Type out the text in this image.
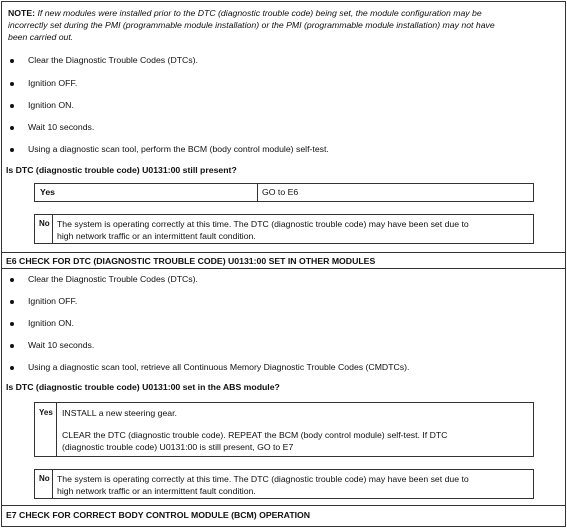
NOTE: If new modules were installed prior to the DTC (diagnostic trouble code) being set, the module configuration may be
incorrectly set during the PMI (programmable module installation) or the PMI (programmable module installation) may not have
been carried out.
Clear the Diagnostic Trouble Codes (DTCs).
Ignition OFF.
Ignition ON.
Wait 10 seconds.
Using a diagnostic scan tool, perform the BCM (body control module) self-test.
Is DTC (diagnostic trouble code) U0131:00 still present?
Yes	GO to E6
No The system is operating correctly at this time. The DTC (diagnostic trouble code) may have been set due to
high network traffic or an intermittent fault condition.
E6 CHECK FOR DTC (DIAGNOSTIC TROUBLE CODE) U0131:00 SET IN OTHER MODULES
Clear the Diagnostic Trouble Codes (DTCs).
Ignition OFF.
Ignition ON.
Wait 10 seconds.
Using a diagnostic scan tool, retrieve all Continuous Memory Diagnostic Trouble Codes (CMDTCs).
Is DTC (diagnostic trouble code) U0131:00 set in the ABS module?
Yes INSTALL a new steering gear.
CLEAR the DTC (diagnostic trouble code). REPEAT the BCM (body control module) self-test. If DTC
(diagnostic trouble code) U0131:00 is still present, GO to E7
No The system is operating correctly at this time. The DTC (diagnostic trouble code) may have been set due to
high network traffic or an intermittent fault condition.
E7 CHECK FOR CORRECT BODY CONTROL MODULE (BCM) OPERATION
